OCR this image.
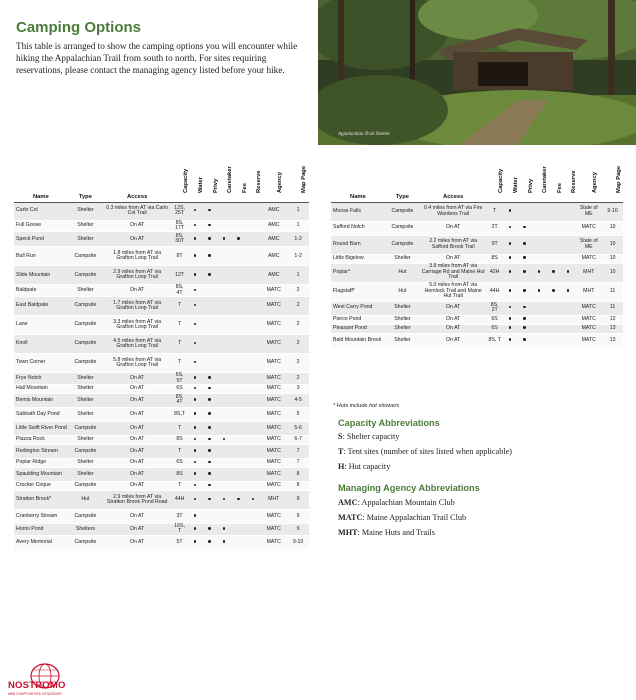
Camping Options
This table is arranged to show the camping options you will encounter while hiking the Appalachian Trail from south to north. For sites requiring reservations, please contact the managing agency listed before your hike.
Appalachian Trail Shelter
Name	Type	Access	Capacity	Water	Privy	Caretaker	Fee	Reserve	Agency	Map Page

Carlo Col	Shelter	0.3 miles from AT via Carlo Col Trail	12S, 25T						AMC	1
Full Goose	Shelter	On AT	8S, 17T						AMC	1
Speck Pond	Shelter	On AT	8S, 30T						AMC	1-2
Bull Run	Campsite	1.8 miles from AT via Grafton Loop Trail	8T						AMC	1-2
Slide Mountain	Campsite	2.9 miles from AT via Grafton Loop Trail	12T						AMC	1
Baldpate	Shelter	On AT	8S, 4T						MATC	2
East Baldpate	Campsite	1.7 miles from AT via Grafton Loop Trail	T						MATC	2
Lane	Campsite	3.3 miles from AT via Grafton Loop Trail	T						MATC	2
Knoll	Campsite	4.5 miles from AT via Grafton Loop Trail	T						MATC	2
Town Corner	Campsite	5.8 miles from AT via Grafton Loop Trail	T						MATC	2
Frye Notch	Shelter	On AT	6S, 5T						MATC	2
Hall Mountain	Shelter	On AT	6S						MATC	3
Bemis Mountain	Shelter	On AT	8S, 4T						MATC	4-5
Sabbath Day Pond	Shelter	On AT	8S,T						MATC	5
Little Swift River Pond	Campsite	On AT	T						MATC	5-6
Piazza Rock	Shelter	On AT	8S						MATC	6-7
Redington Stream	Campsite	On AT	T						MATC	7
Poplar Ridge	Shelter	On AT	6S						MATC	7
Spaulding Mountain	Shelter	On AT	8S						MATC	8
Crocker Cirque	Campsite	On AT	T						MATC	8
Stratton Brook*	Hut	2.9 miles from AT via Stratton Brook Pond Road	44H						MHT	9
Cranberry Stream	Campsite	On AT	3T						MATC	9
Horns Pond	Shelters	On AT	16S, T						MATC	9
Avery Memorial	Campsite	On AT	5T						MATC	9-10
Name	Type	Access	Capacity	Water	Privy	Caretaker	Fee	Reserve	Agency	Map Page

Moose Falls	Campsite	0.4 miles from AT via Fire Wardens Trail	T						State of ME	9-10
Safford Notch	Campsite	On AT	2T						MATC	10
Round Barn	Campsite	2.2 miles from AT via Safford Brook Trail	9T						State of ME	10
Little Bigelow	Shelter	On AT	8S						MATC	10
Poplar*	Hut	3.9 miles from AT via Carriage Rd and Maine Hut Trail	42H						MHT	10
Flagstaff*	Hut	5.0 miles from AT via Hemlock Trail and Maine Hut Trail	44H						MHT	11
West Carry Pond	Shelter	On AT	8S, 2T						MATC	11
Pierce Pond	Shelter	On AT	6S						MATC	12
Pleasant Pond	Shelter	On AT	6S						MATC	13
Bald Mountain Brook	Shelter	On AT	8S, T						MATC	13
* Huts include hot showers
Capacity Abbreviations
S: Shelter capacity
T: Tent sites (number of sites listed when applicable)
H: Hut capacity
Managing Agency Abbreviations
AMC: Appalachian Mountain Club
MATC: Maine Appalachian Trail Club
MHT: Maine Huts and Trails
NOSTROMO
WEB COMPTOIR DES VOYAGEURS
